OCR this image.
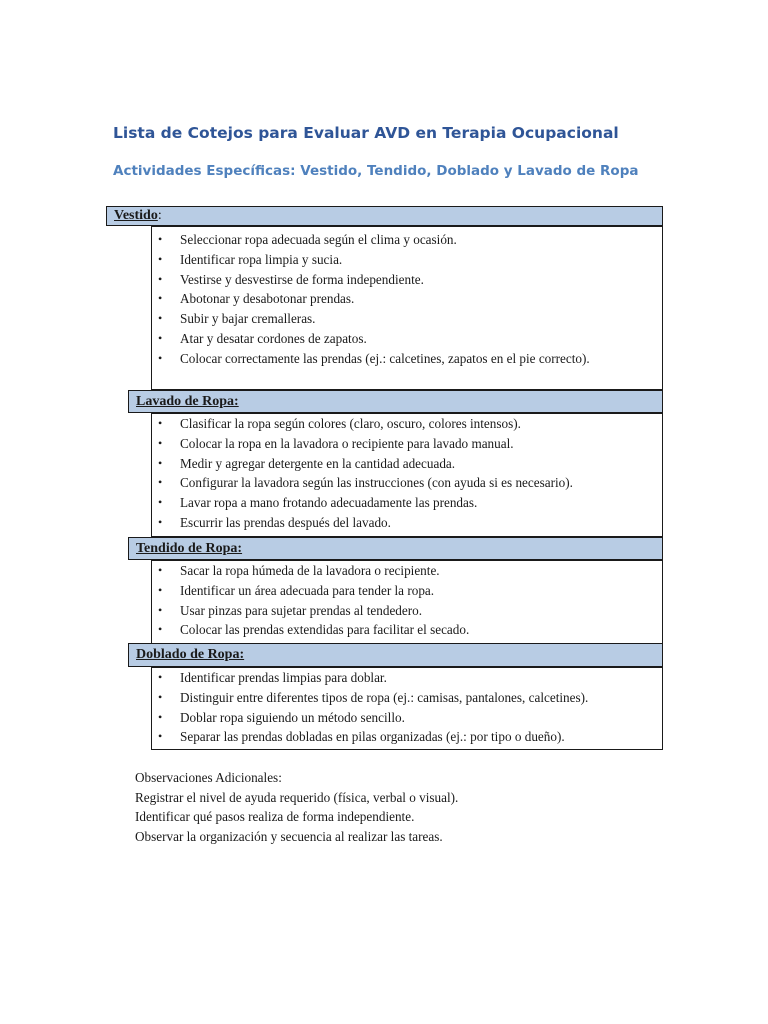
Lista de Cotejos para Evaluar AVD en Terapia Ocupacional
Actividades Específicas: Vestido, Tendido, Doblado y Lavado de Ropa
Vestido:
• Seleccionar ropa adecuada según el clima y ocasión.
• Identificar ropa limpia y sucia.
• Vestirse y desvestirse de forma independiente.
• Abotonar y desabotonar prendas.
• Subir y bajar cremalleras.
• Atar y desatar cordones de zapatos.
• Colocar correctamente las prendas (ej.: calcetines, zapatos en el pie correcto).
Lavado de Ropa:
• Clasificar la ropa según colores (claro, oscuro, colores intensos).
• Colocar la ropa en la lavadora o recipiente para lavado manual.
• Medir y agregar detergente en la cantidad adecuada.
• Configurar la lavadora según las instrucciones (con ayuda si es necesario).
• Lavar ropa a mano frotando adecuadamente las prendas.
• Escurrir las prendas después del lavado.
Tendido de Ropa:
• Sacar la ropa húmeda de la lavadora o recipiente.
• Identificar un área adecuada para tender la ropa.
• Usar pinzas para sujetar prendas al tendedero.
• Colocar las prendas extendidas para facilitar el secado.
Doblado de Ropa:
• Identificar prendas limpias para doblar.
• Distinguir entre diferentes tipos de ropa (ej.: camisas, pantalones, calcetines).
• Doblar ropa siguiendo un método sencillo.
• Separar las prendas dobladas en pilas organizadas (ej.: por tipo o dueño).
Observaciones Adicionales:
Registrar el nivel de ayuda requerido (física, verbal o visual).
Identificar qué pasos realiza de forma independiente.
Observar la organización y secuencia al realizar las tareas.
